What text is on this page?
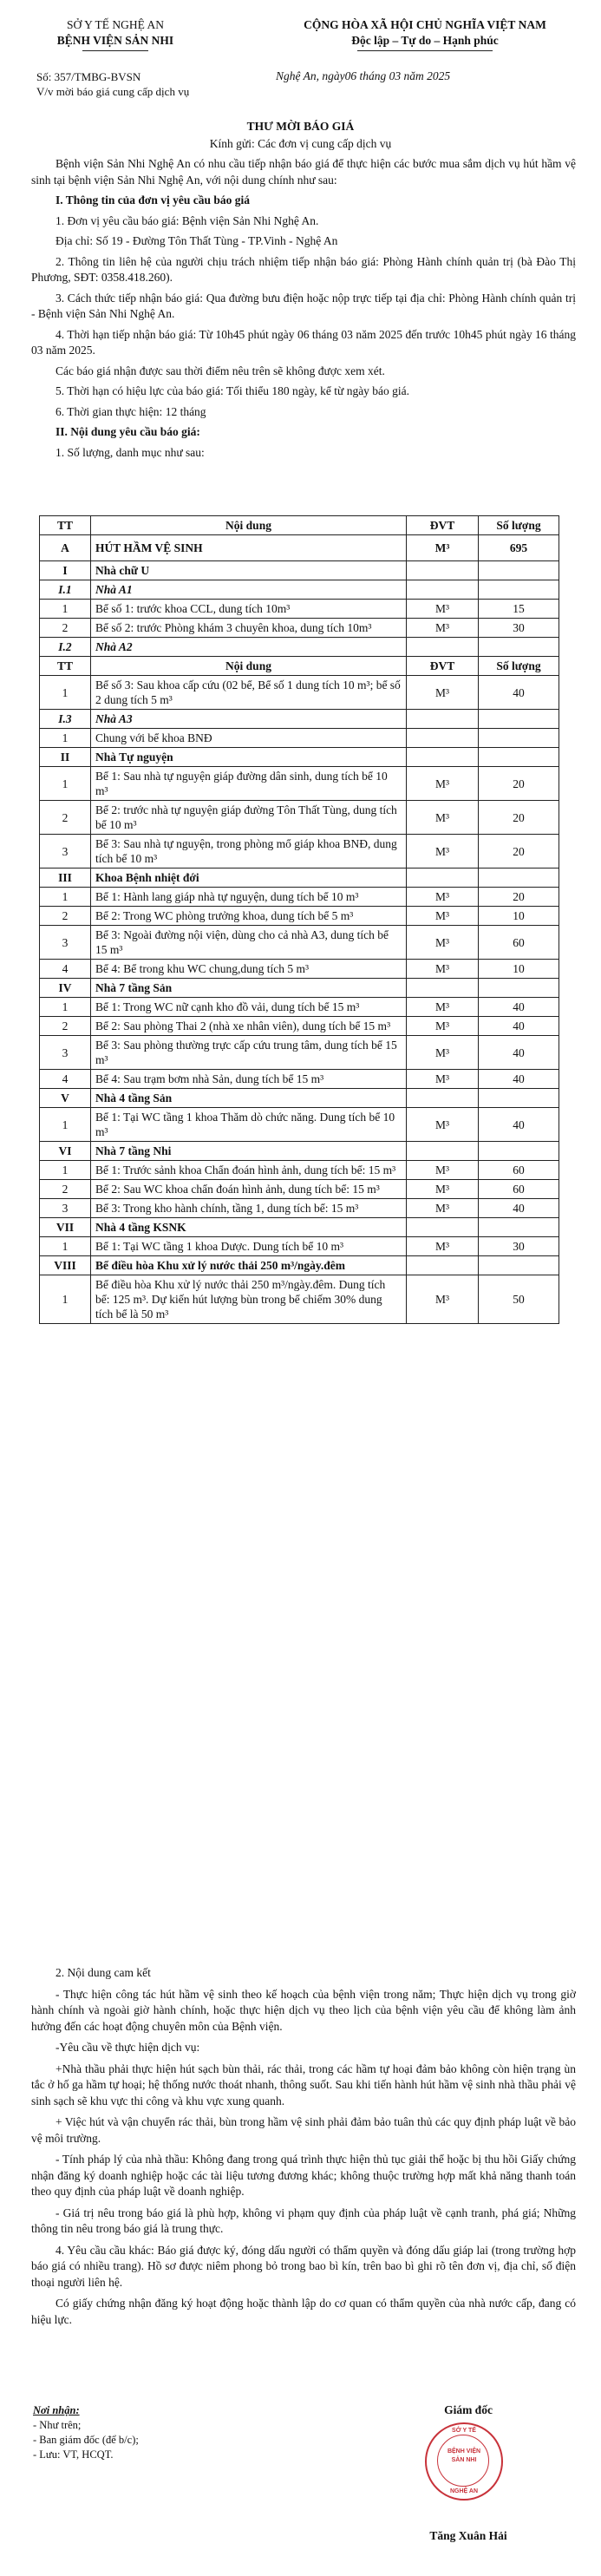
SỞ Y TẾ NGHỆ AN
BỆNH VIỆN SẢN NHI
CỘNG HÒA XÃ HỘI CHỦ NGHĨA VIỆT NAM
Độc lập – Tự do – Hạnh phúc
Số: 357/TMBG-BVSN
V/v mời báo giá cung cấp dịch vụ
Nghệ An, ngày06 tháng 03 năm 2025
THƯ MỜI BÁO GIÁ
Kính gửi: Các đơn vị cung cấp dịch vụ

Bệnh viện Sản Nhi Nghệ An có nhu cầu tiếp nhận báo giá để thực hiện các bước mua sắm dịch vụ hút hầm vệ sinh tại bệnh viện Sản Nhi Nghệ An, với nội dung chính như sau:

I. Thông tin của đơn vị yêu cầu báo giá

1. Đơn vị yêu cầu báo giá: Bệnh viện Sản Nhi Nghệ An.

Địa chỉ: Số 19 - Đường Tôn Thất Tùng - TP.Vinh - Nghệ An

2. Thông tin liên hệ của người chịu trách nhiệm tiếp nhận báo giá: Phòng Hành chính quản trị (bà Đào Thị Phương, SĐT: 0358.418.260).

3. Cách thức tiếp nhận báo giá: Qua đường bưu điện hoặc nộp trực tiếp tại địa chỉ: Phòng Hành chính quản trị - Bệnh viện Sản Nhi Nghệ An.

4. Thời hạn tiếp nhận báo giá: Từ 10h45 phút ngày 06 tháng 03 năm 2025 đến trước 10h45 phút ngày 16 tháng 03 năm 2025.

Các báo giá nhận được sau thời điểm nêu trên sẽ không được xem xét.

5. Thời hạn có hiệu lực của báo giá: Tối thiểu 180 ngày, kể từ ngày báo giá.

6. Thời gian thực hiện: 12 tháng

II. Nội dung yêu cầu báo giá:

1. Số lượng, danh mục như sau:

TT	Nội dung	ĐVT	Số lượng
A	HÚT HẦM VỆ SINH	M³	695
I	Nhà chữ U		
I.1	Nhà A1		
1	Bể số 1: trước khoa CCL, dung tích 10m³	M³	15
2	Bể số 2: trước Phòng khám 3 chuyên khoa, dung tích 10m³	M³	30
I.2	Nhà A2		
TT	Nội dung	ĐVT	Số lượng
1	Bể số 3: Sau khoa cấp cứu (02 bể, Bể số 1 dung tích 10 m³; bể số 2 dung tích 5 m³	M³	40
I.3	Nhà A3		
1	Chung với bể khoa BNĐ		
II	Nhà Tự nguyện		
1	Bể 1: Sau nhà tự nguyện giáp đường dân sinh, dung tích bể 10 m³	M³	20
2	Bể 2: trước nhà tự nguyện giáp đường Tôn Thất Tùng, dung tích bể 10 m³	M³	20
3	Bể 3: Sau nhà tự nguyện, trong phòng mổ giáp khoa BNĐ, dung tích bể 10 m³	M³	20
III	Khoa Bệnh nhiệt đới		
1	Bể 1: Hành lang giáp nhà tự nguyện, dung tích bể 10 m³	M³	20
2	Bể 2: Trong WC phòng trưởng khoa, dung tích bể 5 m³	M³	10
3	Bể 3: Ngoài đường nội viện, dùng cho cả nhà A3, dung tích bể 15 m³	M³	60
4	Bể 4: Bể trong khu WC chung,dung tích 5 m³	M³	10
IV	Nhà 7 tầng Sản		
1	Bể 1: Trong WC nữ cạnh kho đồ vải, dung tích bể 15 m³	M³	40
2	Bể 2: Sau phòng Thai 2 (nhà xe nhân viên), dung tích bể 15 m³	M³	40
3	Bể 3: Sau phòng thường trực cấp cứu trung tâm, dung tích bể 15 m³	M³	40
4	Bể 4: Sau trạm bơm nhà Sản, dung tích bể 15 m³	M³	40
V	Nhà 4 tầng Sản		
1	Bể 1: Tại WC tầng 1 khoa Thăm dò chức năng. Dung tích bể 10 m³	M³	40
VI	Nhà 7 tầng Nhi		
1	Bể 1: Trước sảnh khoa Chẩn đoán hình ảnh, dung tích bể: 15 m³	M³	60
2	Bể 2: Sau WC khoa chẩn đoán hình ảnh, dung tích bể: 15 m³	M³	60
3	Bể 3: Trong kho hành chính, tầng 1, dung tích bể: 15 m³	M³	40
VII	Nhà 4 tầng KSNK		
1	Bể 1: Tại WC tầng 1 khoa Dược. Dung tích bể 10 m³	M³	30
VIII	Bể điều hòa Khu xử lý nước thải 250 m³/ngày.đêm		
1	Bể điều hòa Khu xử lý nước thải 250 m³/ngày.đêm. Dung tích bể: 125 m³. Dự kiến hút lượng bùn trong bể chiếm 30% dung tích bể là 50 m³	M³	50

2. Nội dung cam kết

- Thực hiện công tác hút hầm vệ sinh theo kế hoạch của bệnh viện trong năm; Thực hiện dịch vụ trong giờ hành chính và ngoài giờ hành chính, hoặc thực hiện dịch vụ theo lịch của bệnh viện yêu cầu để không làm ảnh hưởng đến các hoạt động chuyên môn của Bệnh viện.

-Yêu cầu về thực hiện dịch vụ:

+Nhà thầu phải thực hiện hút sạch bùn thải, rác thải, trong các hầm tự hoại đảm bảo không còn hiện trạng ùn tắc ở hố ga hầm tự hoại; hệ thống nước thoát nhanh, thông suốt. Sau khi tiến hành hút hầm vệ sinh nhà thầu phải vệ sinh sạch sẽ khu vực thi công và khu vực xung quanh.

+ Việc hút và vận chuyển rác thải, bùn trong hầm vệ sinh phải đảm bảo tuân thủ các quy định pháp luật về bảo vệ môi trường.

- Tính pháp lý của nhà thầu: Không đang trong quá trình thực hiện thủ tục giải thể hoặc bị thu hồi Giấy chứng nhận đăng ký doanh nghiệp hoặc các tài liệu tương đương khác; không thuộc trường hợp mất khả năng thanh toán theo quy định của pháp luật về doanh nghiệp.

- Giá trị nêu trong báo giá là phù hợp, không vi phạm quy định của pháp luật về cạnh tranh, phá giá; Những thông tin nêu trong báo giá là trung thực.

4. Yêu cầu cầu khác: Báo giá được ký, đóng dấu người có thẩm quyền và đóng dấu giáp lai (trong trường hợp báo giá có nhiều trang). Hồ sơ được niêm phong bỏ trong bao bì kín, trên bao bì ghi rõ tên đơn vị, địa chỉ, số điện thoại người liên hệ.

Có giấy chứng nhận đăng ký hoạt động hoặc thành lập do cơ quan có thẩm quyền của nhà nước cấp, đang có hiệu lực.

Nơi nhận:
- Như trên;
- Ban giám đốc (để b/c);
- Lưu: VT, HCQT.
Giám đốc
SỞ Y TẾ
BỆNH VIỆN
SẢN NHI
NGHỆ AN
Tăng Xuân Hải
